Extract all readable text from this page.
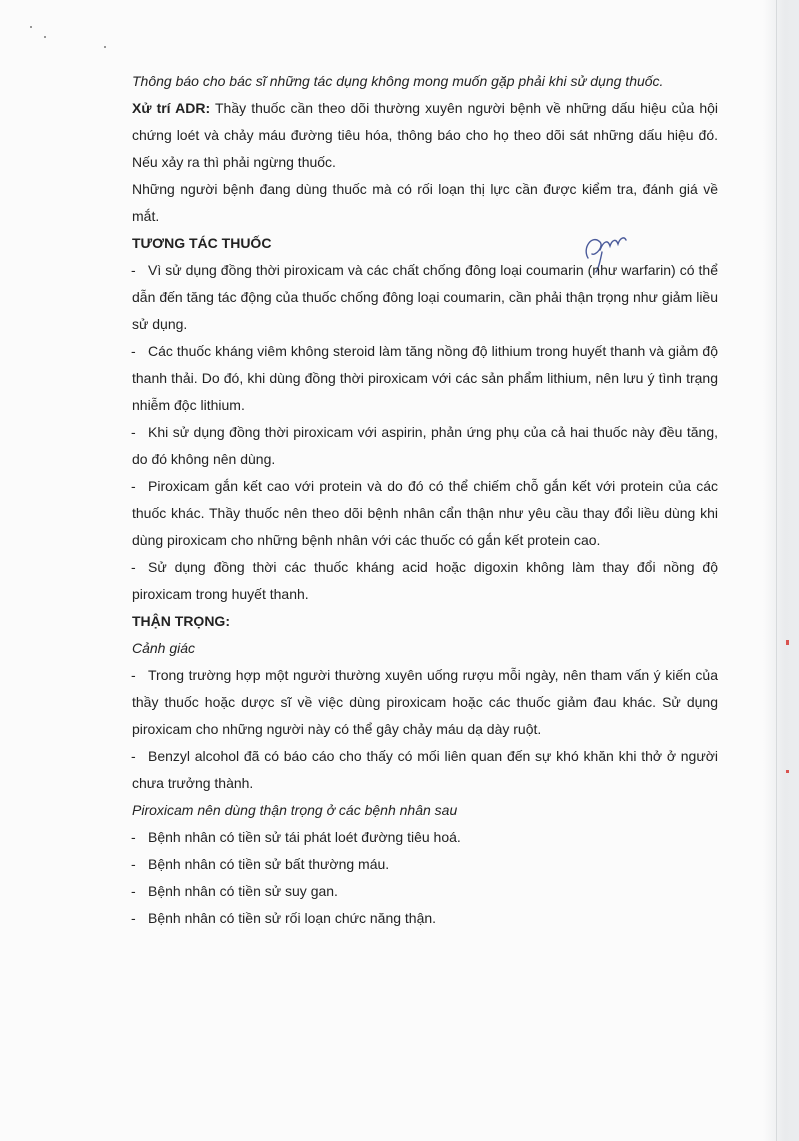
Thông báo cho bác sĩ những tác dụng không mong muốn gặp phải khi sử dụng thuốc.

Xử trí ADR: Thầy thuốc cần theo dõi thường xuyên người bệnh về những dấu hiệu của hội chứng loét và chảy máu đường tiêu hóa, thông báo cho họ theo dõi sát những dấu hiệu đó. Nếu xảy ra thì phải ngừng thuốc.

Những người bệnh đang dùng thuốc mà có rối loạn thị lực cần được kiểm tra, đánh giá về mắt.

TƯƠNG TÁC THUỐC

- Vì sử dụng đồng thời piroxicam và các chất chống đông loại coumarin (như warfarin) có thể dẫn đến tăng tác động của thuốc chống đông loại coumarin, cần phải thận trọng như giảm liều sử dụng.

- Các thuốc kháng viêm không steroid làm tăng nồng độ lithium trong huyết thanh và giảm độ thanh thải. Do đó, khi dùng đồng thời piroxicam với các sản phẩm lithium, nên lưu ý tình trạng nhiễm độc lithium.

- Khi sử dụng đồng thời piroxicam với aspirin, phản ứng phụ của cả hai thuốc này đều tăng, do đó không nên dùng.

- Piroxicam gắn kết cao với protein và do đó có thể chiếm chỗ gắn kết với protein của các thuốc khác. Thầy thuốc nên theo dõi bệnh nhân cẩn thận như yêu cầu thay đổi liều dùng khi dùng piroxicam cho những bệnh nhân với các thuốc có gắn kết protein cao.

- Sử dụng đồng thời các thuốc kháng acid hoặc digoxin không làm thay đổi nồng độ piroxicam trong huyết thanh.

THẬN TRỌNG:

Cảnh giác

- Trong trường hợp một người thường xuyên uống rượu mỗi ngày, nên tham vấn ý kiến của thầy thuốc hoặc dược sĩ về việc dùng piroxicam hoặc các thuốc giảm đau khác. Sử dụng piroxicam cho những người này có thể gây chảy máu dạ dày ruột.

- Benzyl alcohol đã có báo cáo cho thấy có mối liên quan đến sự khó khăn khi thở ở người chưa trưởng thành.

Piroxicam nên dùng thận trọng ở các bệnh nhân sau

- Bệnh nhân có tiền sử tái phát loét đường tiêu hoá.

- Bệnh nhân có tiền sử bất thường máu.

- Bệnh nhân có tiền sử suy gan.

- Bệnh nhân có tiền sử rối loạn chức năng thận.
